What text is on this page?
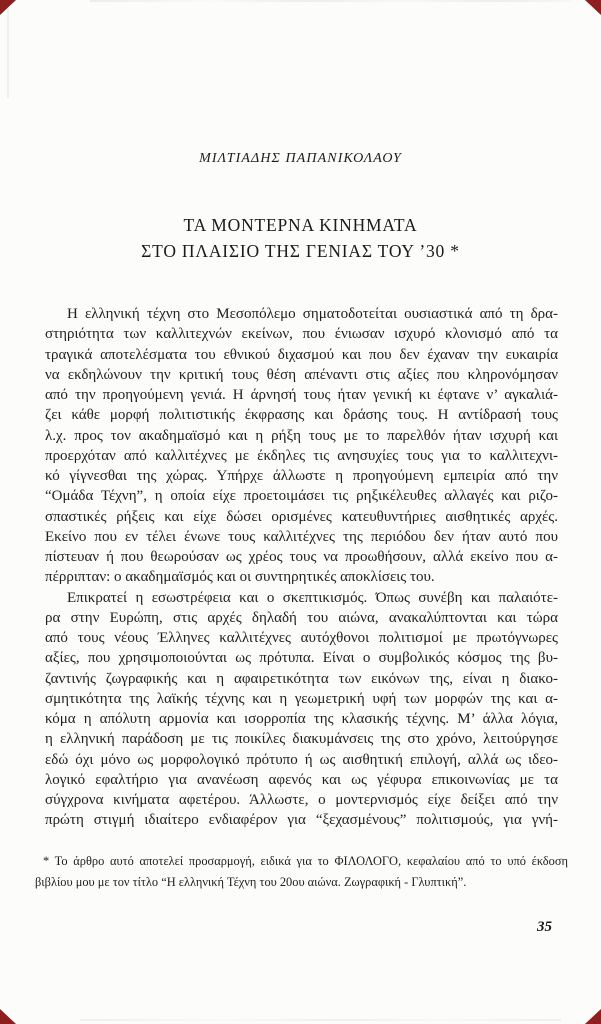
ΜΙΛΤΙΑΔΗΣ ΠΑΠΑΝΙΚΟΛΑΟΥ
ΤΑ ΜΟΝΤΕΡΝΑ ΚΙΝΗΜΑΤΑ
ΣΤΟ ΠΛΑΙΣΙΟ ΤΗΣ ΓΕΝΙΑΣ ΤΟΥ ’30 *
Η ελληνική τέχνη στο Μεσοπόλεμο σηματοδοτείται ουσιαστικά από τη δρα-
στηριότητα των καλλιτεχνών εκείνων, που ένιωσαν ισχυρό κλονισμό από τα
τραγικά αποτελέσματα του εθνικού διχασμού και που δεν έχαναν την ευκαιρία
να εκδηλώνουν την κριτική τους θέση απέναντι στις αξίες που κληρονόμησαν
από την προηγούμενη γενιά. Η άρνησή τους ήταν γενική κι έφτανε ν’ αγκαλιά-
ζει κάθε μορφή πολιτιστικής έκφρασης και δράσης τους. Η αντίδρασή τους
λ.χ. προς τον ακαδημαϊσμό και η ρήξη τους με το παρελθόν ήταν ισχυρή και
προερχόταν από καλλιτέχνες με έκδηλες τις ανησυχίες τους για το καλλιτεχνι-
κό γίγνεσθαι της χώρας. Υπήρχε άλλωστε η προηγούμενη εμπειρία από την
“Ομάδα Τέχνη”, η οποία είχε προετοιμάσει τις ρηξικέλευθες αλλαγές και ριζο-
σπαστικές ρήξεις και είχε δώσει ορισμένες κατευθυντήριες αισθητικές αρχές.
Εκείνο που εν τέλει ένωνε τους καλλιτέχνες της περιόδου δεν ήταν αυτό που
πίστευαν ή που θεωρούσαν ως χρέος τους να προωθήσουν, αλλά εκείνο που α-
πέρριπταν: ο ακαδημαϊσμός και οι συντηρητικές αποκλίσεις του.
Επικρατεί η εσωστρέφεια και ο σκεπτικισμός. Όπως συνέβη και παλαιότε-
ρα στην Ευρώπη, στις αρχές δηλαδή του αιώνα, ανακαλύπτονται και τώρα
από τους νέους Έλληνες καλλιτέχνες αυτόχθονοι πολιτισμοί με πρωτόγνωρες
αξίες, που χρησιμοποιούνται ως πρότυπα. Είναι ο συμβολικός κόσμος της βυ-
ζαντινής ζωγραφικής και η αφαιρετικότητα των εικόνων της, είναι η διακο-
σμητικότητα της λαϊκής τέχνης και η γεωμετρική υφή των μορφών της και α-
κόμα η απόλυτη αρμονία και ισορροπία της κλασικής τέχνης. Μ’ άλλα λόγια,
η ελληνική παράδοση με τις ποικίλες διακυμάνσεις της στο χρόνο, λειτούργησε
εδώ όχι μόνο ως μορφολογικό πρότυπο ή ως αισθητική επιλογή, αλλά ως ιδεο-
λογικό εφαλτήριο για ανανέωση αφενός και ως γέφυρα επικοινωνίας με τα
σύγχρονα κινήματα αφετέρου. Άλλωστε, ο μοντερνισμός είχε δείξει από την
πρώτη στιγμή ιδιαίτερο ενδιαφέρον για “ξεχασμένους” πολιτισμούς, για γνή-
* Το άρθρο αυτό αποτελεί προσαρμογή, ειδικά για το ΦΙΛΟΛΟΓΟ, κεφαλαίου από το υπό έκδοση
βιβλίου μου με τον τίτλο “Η ελληνική Τέχνη του 20ου αιώνα. Ζωγραφική - Γλυπτική”.
35
